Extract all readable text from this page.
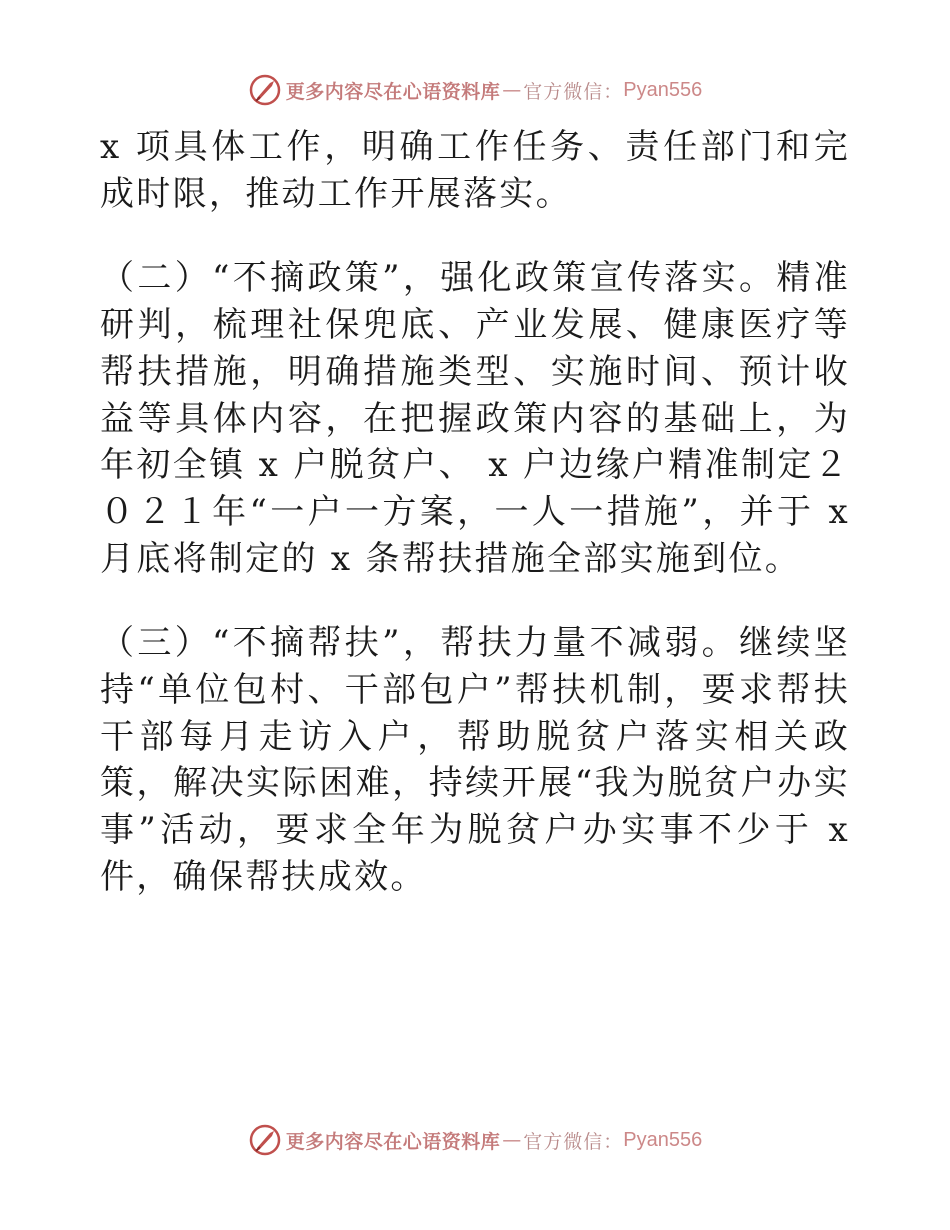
更多内容尽在心语资料库 — 官方微信： Pyan556

x 项具体工作，明确工作任务、责任部门和完成时限，推动工作开展落实。

（二）“不摘政策”，强化政策宣传落实。精准研判，梳理社保兜底、产业发展、健康医疗等帮扶措施，明确措施类型、实施时间、预计收益等具体内容，在把握政策内容的基础上，为年初全镇 x 户脱贫户、 x 户边缘户精准制定２０２１年“一户一方案，一人一措施”，并于 x 月底将制定的 x 条帮扶措施全部实施到位。

（三）“不摘帮扶”，帮扶力量不减弱。继续坚持“单位包村、干部包户”帮扶机制，要求帮扶干部每月走访入户，帮助脱贫户落实相关政策，解决实际困难，持续开展“我为脱贫户办实事”活动，要求全年为脱贫户办实事不少于 x 件，确保帮扶成效。

更多内容尽在心语资料库 — 官方微信： Pyan556
